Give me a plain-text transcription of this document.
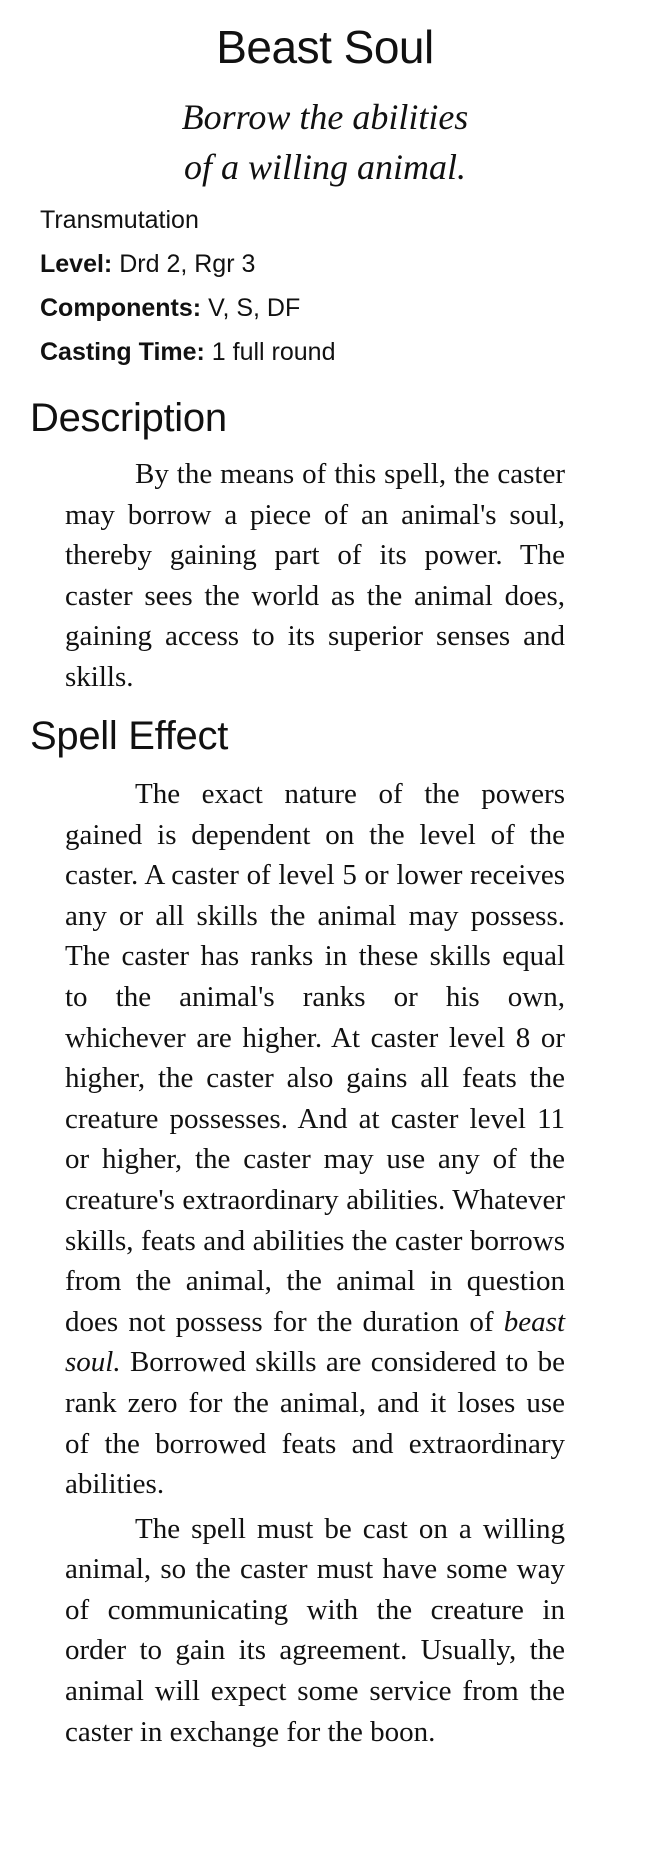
Beast Soul
Borrow the abilities
of a willing animal.
Transmutation
Level: Drd 2, Rgr 3
Components: V, S, DF
Casting Time: 1 full round
Description

By the means of this spell, the caster may borrow a piece of an animal's soul, thereby gaining part of its power. The caster sees the world as the animal does, gaining access to its superior senses and skills.

Spell Effect

The exact nature of the powers gained is dependent on the level of the caster. A caster of level 5 or lower receives any or all skills the animal may possess. The caster has ranks in these skills equal to the animal's ranks or his own, whichever are higher. At caster level 8 or higher, the caster also gains all feats the creature possesses. And at caster level 11 or higher, the caster may use any of the creature's extraordinary abilities. Whatever skills, feats and abilities the caster borrows from the animal, the animal in question does not possess for the duration of beast soul. Borrowed skills are considered to be rank zero for the animal, and it loses use of the borrowed feats and extraordinary abilities.

The spell must be cast on a willing animal, so the caster must have some way of communicating with the creature in order to gain its agreement. Usually, the animal will expect some service from the caster in exchange for the boon.
